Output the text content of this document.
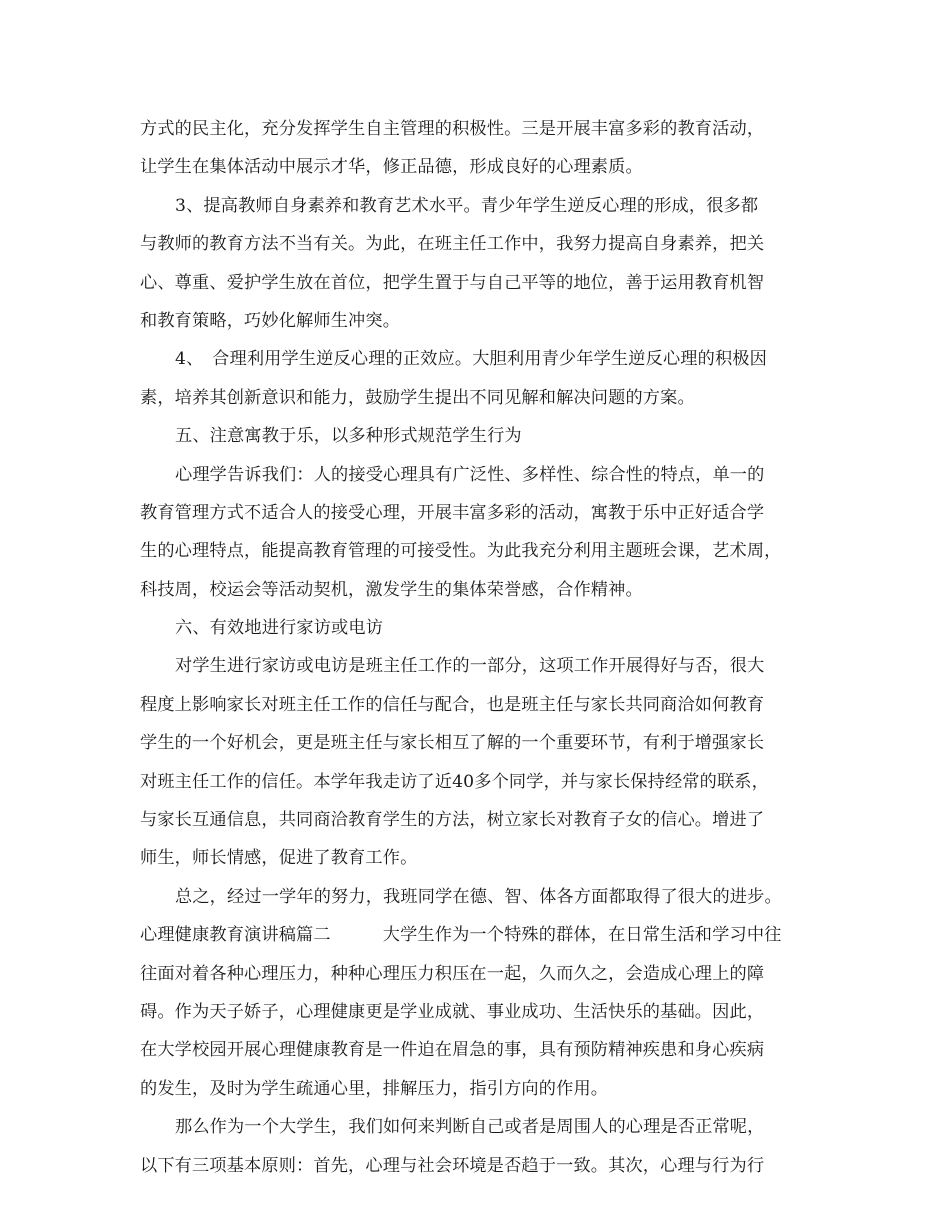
方式的民主化，充分发挥学生自主管理的积极性。三是开展丰富多彩的教育活动，
让学生在集体活动中展示才华，修正品德，形成良好的心理素质。
3、提高教师自身素养和教育艺术水平。青少年学生逆反心理的形成，很多都
与教师的教育方法不当有关。为此，在班主任工作中，我努力提高自身素养，把关
心、尊重、爱护学生放在首位，把学生置于与自己平等的地位，善于运用教育机智
和教育策略，巧妙化解师生冲突。
4、　合理利用学生逆反心理的正效应。大胆利用青少年学生逆反心理的积极因
素，培养其创新意识和能力，鼓励学生提出不同见解和解决问题的方案。
五、注意寓教于乐，以多种形式规范学生行为
心理学告诉我们：人的接受心理具有广泛性、多样性、综合性的特点，单一的
教育管理方式不适合人的接受心理，开展丰富多彩的活动，寓教于乐中正好适合学
生的心理特点，能提高教育管理的可接受性。为此我充分利用主题班会课，艺术周，
科技周，校运会等活动契机，激发学生的集体荣誉感，合作精神。
六、有效地进行家访或电访
对学生进行家访或电访是班主任工作的一部分，这项工作开展得好与否，很大
程度上影响家长对班主任工作的信任与配合，也是班主任与家长共同商洽如何教育
学生的一个好机会，更是班主任与家长相互了解的一个重要环节，有利于增强家长
对班主任工作的信任。本学年我走访了近40多个同学，并与家长保持经常的联系，
与家长互通信息，共同商洽教育学生的方法，树立家长对教育子女的信心。增进了
师生，师长情感，促进了教育工作。
总之，经过一学年的努力，我班同学在德、智、体各方面都取得了很大的进步。
心理健康教育演讲稿篇二　　　大学生作为一个特殊的群体，在日常生活和学习中往
往面对着各种心理压力，种种心理压力积压在一起，久而久之，会造成心理上的障
碍。作为天子娇子，心理健康更是学业成就、事业成功、生活快乐的基础。因此，
在大学校园开展心理健康教育是一件迫在眉急的事，具有预防精神疾患和身心疾病
的发生，及时为学生疏通心里，排解压力，指引方向的作用。
那么作为一个大学生，我们如何来判断自己或者是周围人的心理是否正常呢，
以下有三项基本原则：首先，心理与社会环境是否趋于一致。其次，心理与行为行
